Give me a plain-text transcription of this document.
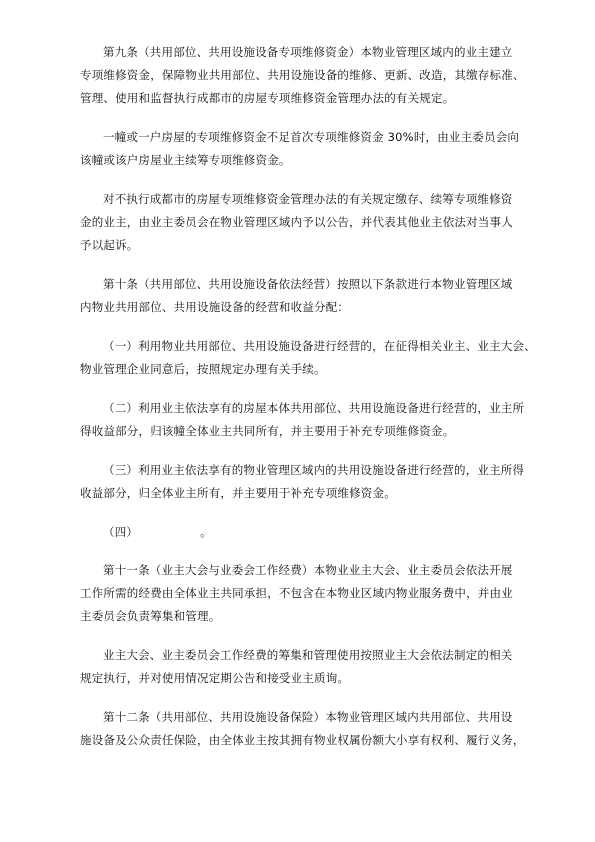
第九条（共用部位、共用设施设备专项维修资金）本物业管理区域内的业主建立
专项维修资金，保障物业共用部位、共用设施设备的维修、更新、改造，其缴存标准、
管理、使用和监督执行成都市的房屋专项维修资金管理办法的有关规定。
一幢或一户房屋的专项维修资金不足首次专项维修资金 30%时，由业主委员会向
该幢或该户房屋业主续筹专项维修资金。
对不执行成都市的房屋专项维修资金管理办法的有关规定缴存、续筹专项维修资
金的业主，由业主委员会在物业管理区域内予以公告，并代表其他业主依法对当事人
予以起诉。
第十条（共用部位、共用设施设备依法经营）按照以下条款进行本物业管理区域
内物业共用部位、共用设施设备的经营和收益分配：
（一）利用物业共用部位、共用设施设备进行经营的，在征得相关业主、业主大会、
物业管理企业同意后，按照规定办理有关手续。
（二）利用业主依法享有的房屋本体共用部位、共用设施设备进行经营的，业主所
得收益部分，归该幢全体业主共同所有，并主要用于补充专项维修资金。
（三）利用业主依法享有的物业管理区域内的共用设施设备进行经营的，业主所得
收益部分，归全体业主所有，并主要用于补充专项维修资金。
（四）	。
第十一条（业主大会与业委会工作经费）本物业业主大会、业主委员会依法开展
工作所需的经费由全体业主共同承担，不包含在本物业区域内物业服务费中，并由业
主委员会负责筹集和管理。
业主大会、业主委员会工作经费的筹集和管理使用按照业主大会依法制定的相关
规定执行，并对使用情况定期公告和接受业主质询。
第十二条（共用部位、共用设施设备保险）本物业管理区域内共用部位、共用设
施设备及公众责任保险，由全体业主按其拥有物业权属份额大小享有权利、履行义务，
